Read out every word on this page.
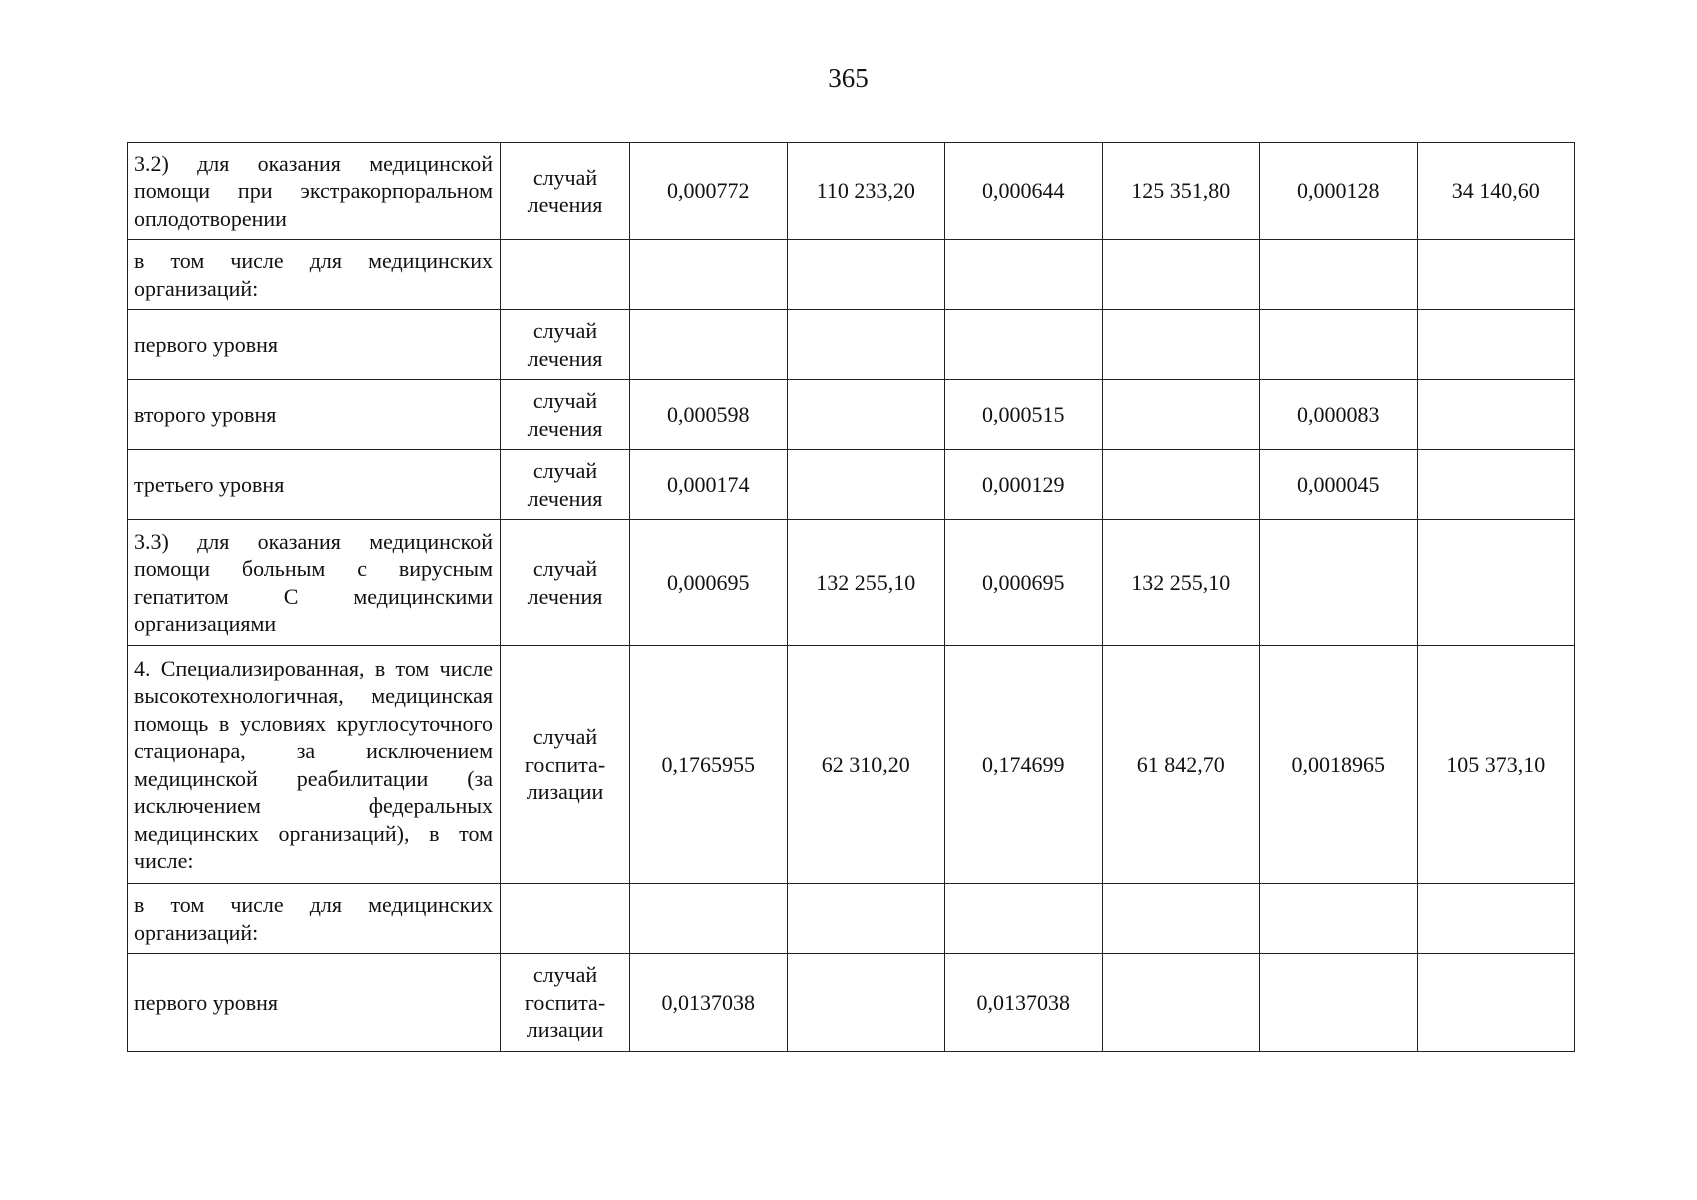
365
3.2) для оказания медицинской помощи при экстракорпоральном оплодотворении	случай лечения	0,000772	110 233,20	0,000644	125 351,80	0,000128	34 140,60
в том числе для медицинских организаций:							
первого уровня	случай лечения						
второго уровня	случай лечения	0,000598		0,000515		0,000083	
третьего уровня	случай лечения	0,000174		0,000129		0,000045	
3.3) для оказания медицинской помощи больным с вирусным гепатитом С медицинскими организациями	случай лечения	0,000695	132 255,10	0,000695	132 255,10		
4. Специализированная, в том числе высокотехнологичная, медицинская помощь в условиях круглосуточного стационара, за исключением медицинской реабилитации (за исключением федеральных медицинских организаций), в том числе:	случай госпита-лизации	0,1765955	62 310,20	0,174699	61 842,70	0,0018965	105 373,10
в том числе для медицинских организаций:							
первого уровня	случай госпита-лизации	0,0137038		0,0137038			
